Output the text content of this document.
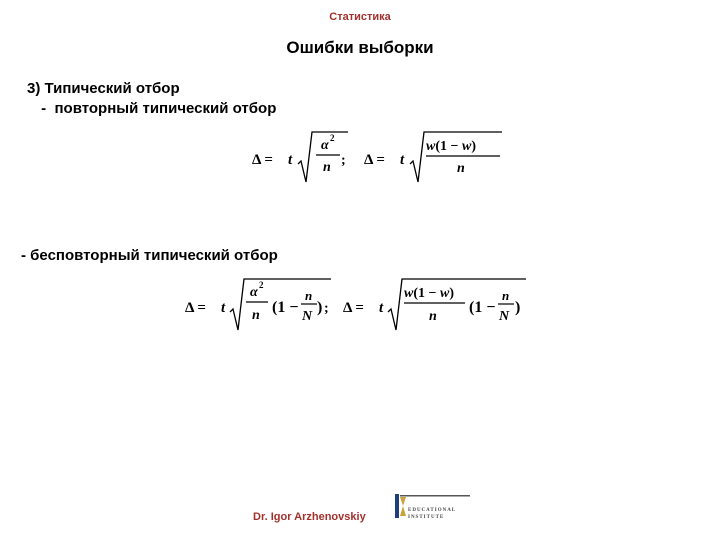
Статистика
Ошибки выборки
3) Типический отбор
-  повторный типический отбор
Δ = t
α 2
n ; Δ = t
w(1 − w)
n
- бесповторный типический отбор
Δ = t
α 2
n (1 −
n
N
) ; Δ = t
w(1 − w)
n
(1 −
n
N
)
Dr. Igor Arzhenovskiy
EDUCATIONAL
INSTITUTE
